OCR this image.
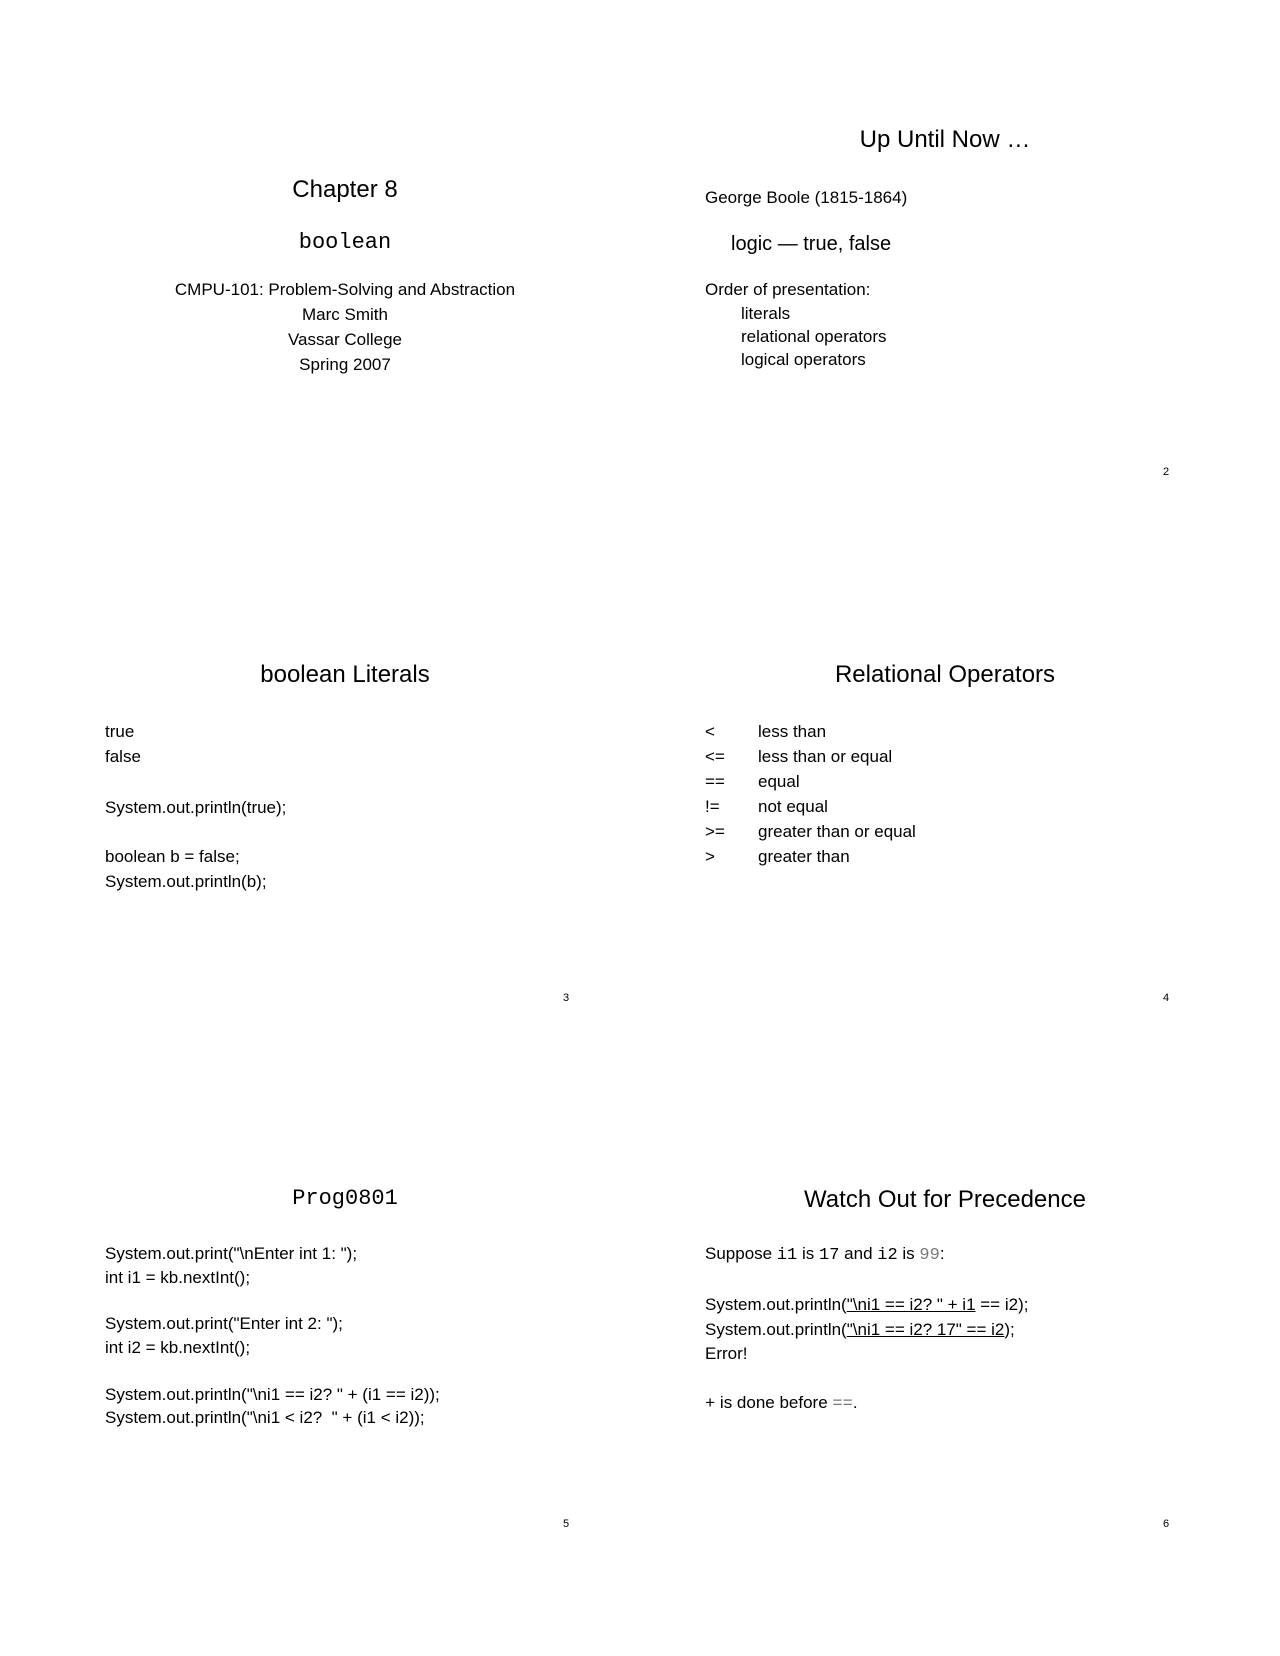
Chapter 8
boolean
CMPU-101: Problem-Solving and Abstraction
Marc Smith
Vassar College
Spring 2007
Up Until Now …
George Boole (1815-1864)
logic — true, false
Order of presentation:
literals
relational operators
logical operators
2
boolean Literals
true
false
System.out.println(true);
boolean b = false;
System.out.println(b);
3
Relational Operators
<	less than
<= less than or equal
== equal
!= not equal
>= greater than or equal
>	greater than
4
Prog0801
System.out.print("\nEnter int 1: ");
int i1 = kb.nextInt();
System.out.print("Enter int 2: ");
int i2 = kb.nextInt();
System.out.println("\ni1 == i2? " + (i1 == i2));
System.out.println("\ni1 < i2?  " + (i1 < i2));
5
Watch Out for Precedence
Suppose i1 is 17 and i2 is 99:
System.out.println("\ni1 == i2? " + i1 == i2);
System.out.println("\ni1 == i2? 17" == i2);
Error!
+ is done before ==.
6
